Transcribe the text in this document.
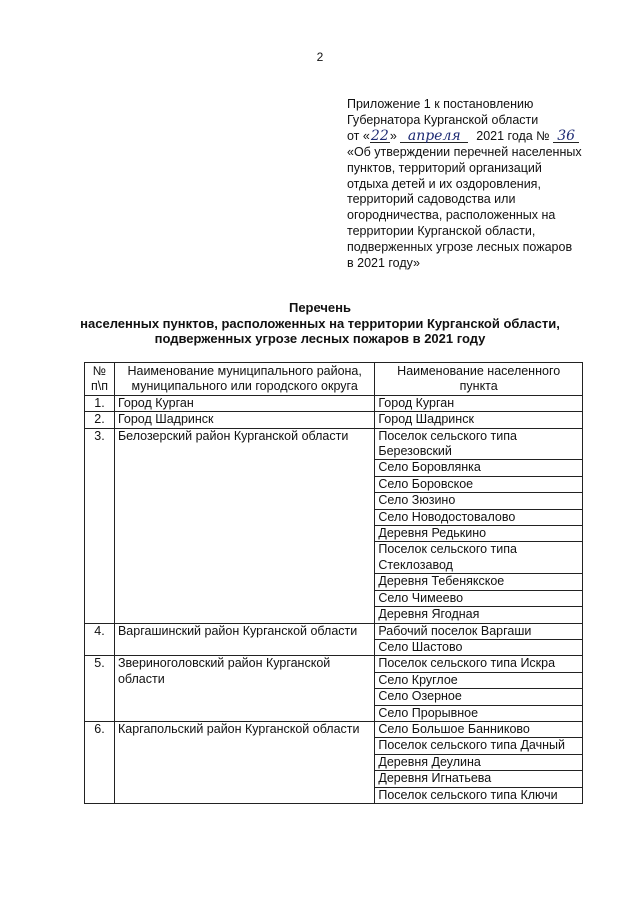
2
Приложение 1 к постановлению
Губернатора Курганской области
от «22» апреля 2021 года № 36
«Об утверждении перечней населенных
пунктов, территорий организаций
отдыха детей и их оздоровления,
территорий садоводства или
огородничества, расположенных на
территории Курганской области,
подверженных угрозе лесных пожаров
в 2021 году»
Перечень
населенных пунктов, расположенных на территории Курганской области,
подверженных угрозе лесных пожаров в 2021 году
№ п\п	Наименование муниципального района, муниципального или городского округа	Наименование населенного пункта
1.	Город Курган	Город Курган
2.	Город Шадринск	Город Шадринск
3.	Белозерский район Курганской области	Поселок сельского типа Березовский
		Село Боровлянка
		Село Боровское
		Село Зюзино
		Село Новодостовалово
		Деревня Редькино
		Поселок сельского типа Стеклозавод
		Деревня Тебенякское
		Село Чимеево
		Деревня Ягодная
4.	Варгашинский район Курганской области	Рабочий поселок Варгаши
		Село Шастово
5.	Звериноголовский район Курганской области	Поселок сельского типа Искра
		Село Круглое
		Село Озерное
		Село Прорывное
6.	Каргапольский район Курганской области	Село Большое Банниково
		Поселок сельского типа Дачный
		Деревня Деулина
		Деревня Игнатьева
		Поселок сельского типа Ключи
